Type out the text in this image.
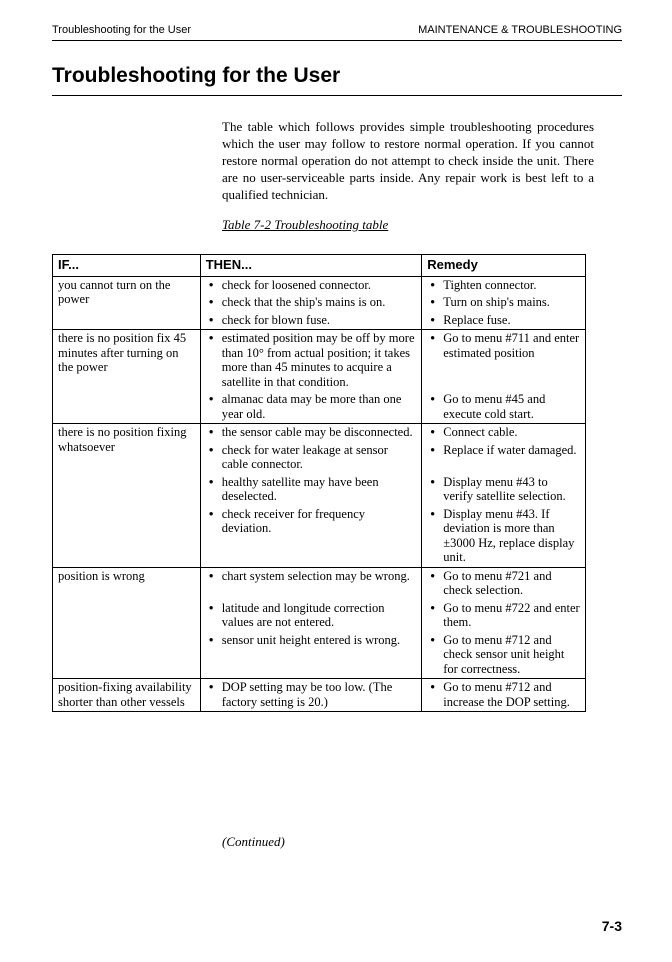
Troubleshooting for the User	MAINTENANCE & TROUBLESHOOTING
Troubleshooting for the User

The table which follows provides simple troubleshooting procedures which the user may follow to restore normal operation. If you cannot restore normal operation do not attempt to check inside the unit. There are no user-serviceable parts inside. Any repair work is best left to a qualified technician.

Table 7-2 Troubleshooting table
IF...	THEN...	Remedy
you cannot turn on the power	● check for loosened connector.	● Tighten connector.

	● check that the ship's mains is on.	● Turn on ship's mains.

	● check for blown fuse.	● Replace fuse.

there is no position fix 45 minutes after turning on the power	● estimated position may be off by more than 10° from actual position; it takes more than 45 minutes to acquire a satellite in that condition.	● Go to menu #711 and enter estimated position

	● almanac data may be more than one year old.	● Go to menu #45 and execute cold start.

there is no position fixing whatsoever	● the sensor cable may be disconnected.	● Connect cable.

	● check for water leakage at sensor cable connector.	● Replace if water damaged.

	● healthy satellite may have been deselected.	● Display menu #43 to verify satellite selection.

	● check receiver for frequency deviation.	● Display menu #43. If deviation is more than ±3000 Hz, replace display unit.

position is wrong	● chart system selection may be wrong.	● Go to menu #721 and check selection.

	● latitude and longitude correction values are not entered.	● Go to menu #722 and enter them.

	● sensor unit height entered is wrong.	● Go to menu #712 and check sensor unit height for correctness.

position-fixing availability shorter than other vessels	● DOP setting may be too low. (The factory setting is 20.)	● Go to menu #712 and increase the DOP setting.
(Continued)
7-3
